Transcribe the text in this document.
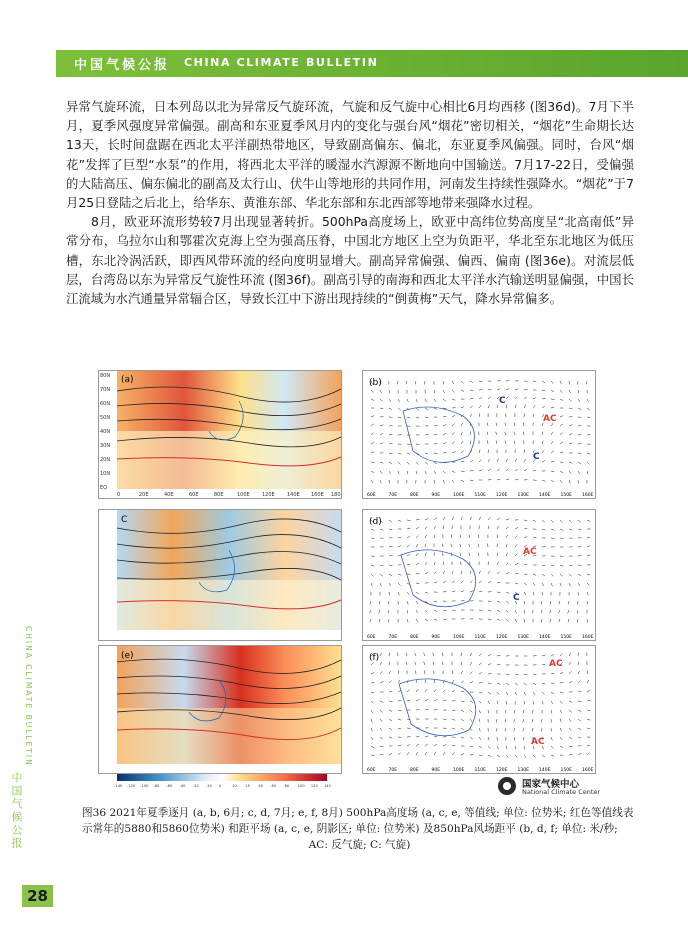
中国气候公报 CHINA CLIMATE BULLETIN

异常气旋环流，日本列岛以北为异常反气旋环流，气旋和反气旋中心相比6月均西移 (图36d)。7月下半月，夏季风强度异常偏强。副高和东亚夏季风月内的变化与强台风“烟花”密切相关，“烟花”生命期长达13天，长时间盘踞在西北太平洋副热带地区，导致副高偏东、偏北，东亚夏季风偏强。同时，台风“烟花”发挥了巨型“水泵”的作用，将西北太平洋的暖湿水汽源源不断地向中国输送。7月17-22日，受偏强的大陆高压、偏东偏北的副高及太行山、伏牛山等地形的共同作用，河南发生持续性强降水。“烟花”于7月25日登陆之后北上，给华东、黄淮东部、华北东部和东北西部等地带来强降水过程。

8月，欧亚环流形势较7月出现显著转折。500hPa高度场上，欧亚中高纬位势高度呈“北高南低”异常分布，乌拉尔山和鄂霍次克海上空为强高压脊，中国北方地区上空为负距平，华北至东北地区为低压槽，东北冷涡活跃，即西风带环流的经向度明显增大。副高异常偏强、偏西、偏南 (图36e)。对流层低层，台湾岛以东为异常反气旋性环流 (图36f)。副高引导的南海和西北太平洋水汽输送明显偏强，中国长江流域为水汽通量异常辐合区，导致长江中下游出现持续的“倒黄梅”天气，降水异常偏多。

(a)
80N
70N
60N
50N
40N
30N
20N
10N
EQ
0	20E	40E	60E	80E	100E 120E 140E 160E 180
C
(e)
(b)
AC
C
C
60E	70E	80E	90E	100E 110E 120E 130E 140E 150E 160E
(d)
AC
C
60E	70E	80E	90E	100E 110E 120E 130E 140E 150E 160E
(f)
AC
AC
60E	70E	80E	90E	100E 110E 120E 130E 140E 150E 160E
-140 -120 -100 -80 -60 -40 -25 -10 0	10 25 40 60 80 100 120 140	国家气候中心
National Climate Center
图36 2021年夏季逐月 (a, b, 6月; c, d, 7月; e, f, 8月) 500hPa高度场 (a, c, e, 等值线; 单位: 位势米; 红色等值线表
示常年的5880和5860位势米) 和距平场 (a, c, e, 阴影区; 单位: 位势米) 及850hPa风场距平 (b, d, f; 单位: 米/秒;
AC: 反气旋; C: 气旋)
CHINA CLIMATE BULLETIN
中国气候公报
28
